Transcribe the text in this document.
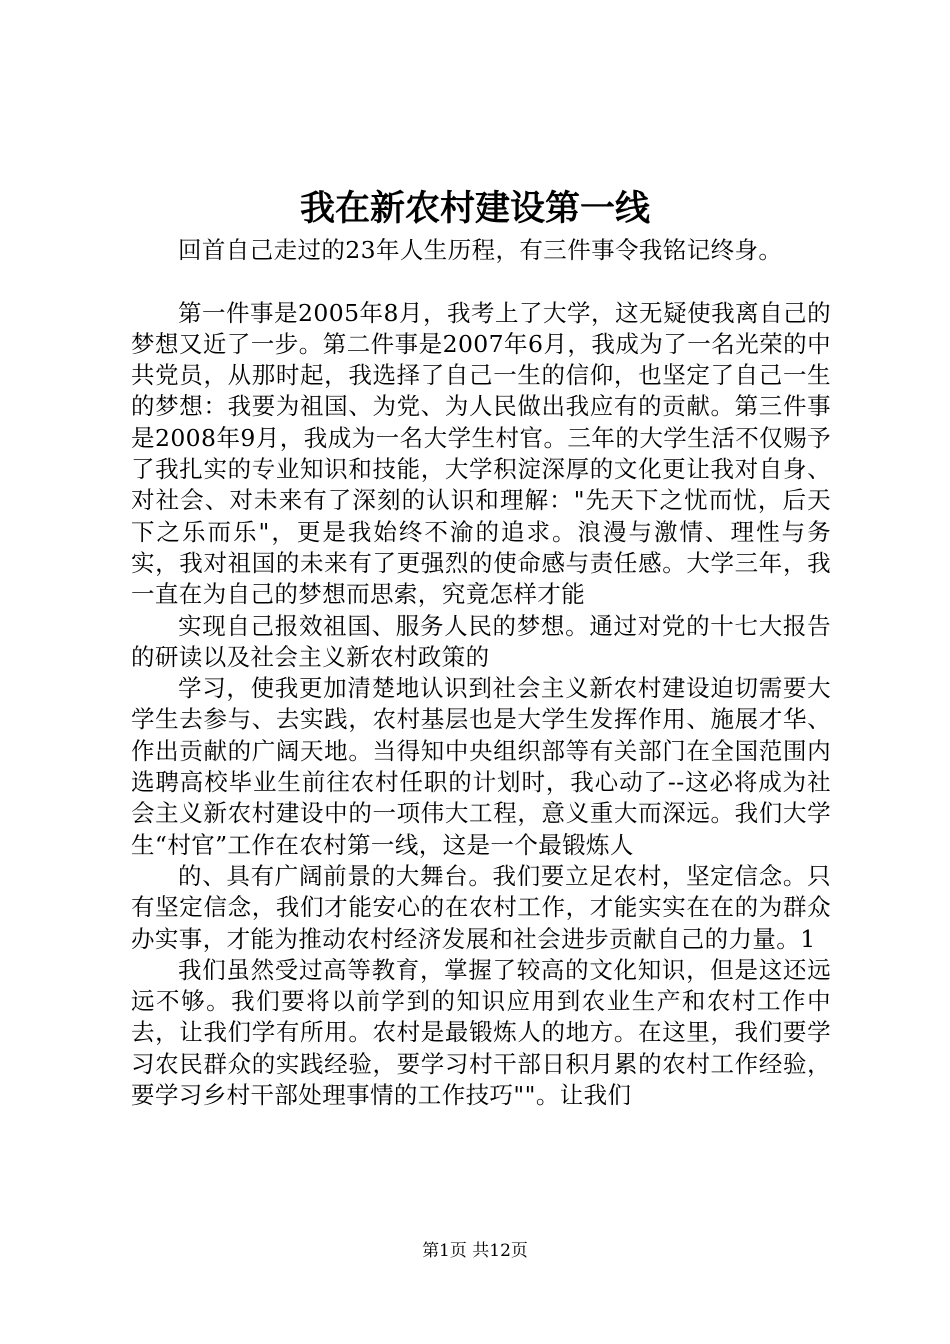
我在新农村建设第一线

回首自己走过的23年人生历程，有三件事令我铭记终身。

第一件事是2005年8月，我考上了大学，这无疑使我离自己的梦想又近了一步。第二件事是2007年6月，我成为了一名光荣的中共党员，从那时起，我选择了自己一生的信仰，也坚定了自己一生的梦想：我要为祖国、为党、为人民做出我应有的贡献。第三件事是2008年9月，我成为一名大学生村官。三年的大学生活不仅赐予了我扎实的专业知识和技能，大学积淀深厚的文化更让我对自身、对社会、对未来有了深刻的认识和理解："先天下之忧而忧，后天下之乐而乐"，更是我始终不渝的追求。浪漫与激情、理性与务实，我对祖国的未来有了更强烈的使命感与责任感。大学三年，我一直在为自己的梦想而思索，究竟怎样才能

实现自己报效祖国、服务人民的梦想。通过对党的十七大报告的研读以及社会主义新农村政策的

学习，使我更加清楚地认识到社会主义新农村建设迫切需要大学生去参与、去实践，农村基层也是大学生发挥作用、施展才华、作出贡献的广阔天地。当得知中央组织部等有关部门在全国范围内选聘高校毕业生前往农村任职的计划时，我心动了--这必将成为社会主义新农村建设中的一项伟大工程，意义重大而深远。我们大学生“村官”工作在农村第一线，这是一个最锻炼人

的、具有广阔前景的大舞台。我们要立足农村，坚定信念。只有坚定信念，我们才能安心的在农村工作，才能实实在在的为群众办实事，才能为推动农村经济发展和社会进步贡献自己的力量。1

我们虽然受过高等教育，掌握了较高的文化知识，但是这还远远不够。我们要将以前学到的知识应用到农业生产和农村工作中去，让我们学有所用。农村是最锻炼人的地方。在这里，我们要学习农民群众的实践经验，要学习村干部日积月累的农村工作经验，要学习乡村干部处理事情的工作技巧""。让我们

第1页 共12页
